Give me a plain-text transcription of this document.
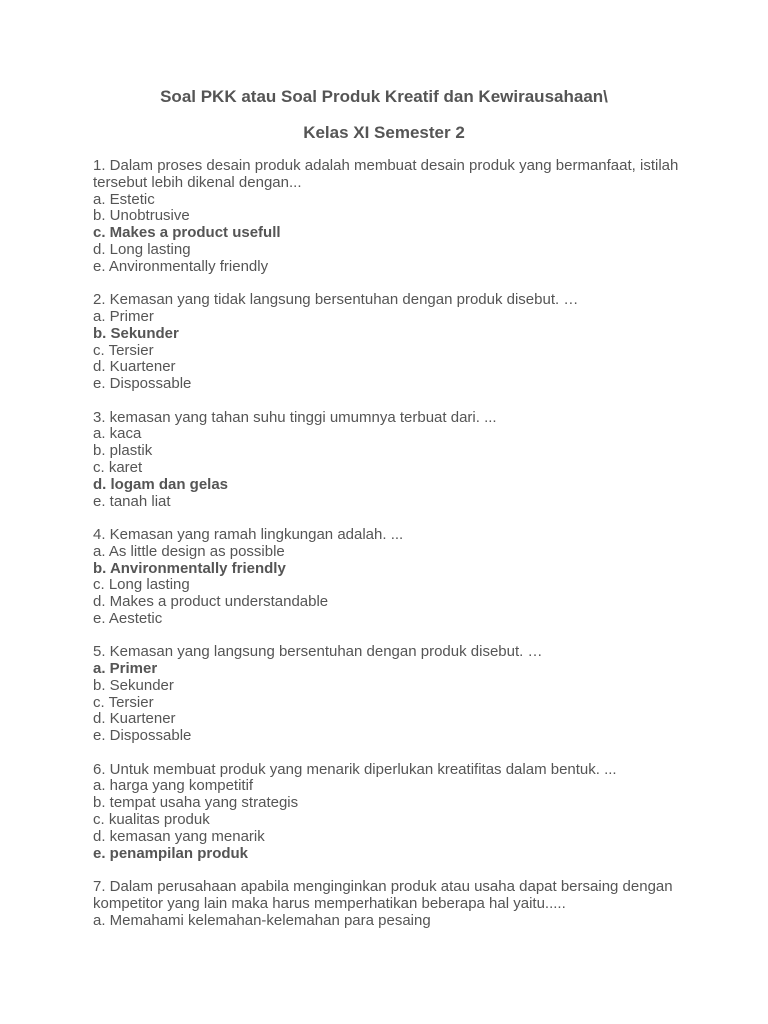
Soal PKK atau Soal Produk Kreatif dan Kewirausahaan\
Kelas XI Semester 2
1. Dalam proses desain produk adalah membuat desain produk yang bermanfaat, istilah tersebut lebih dikenal dengan...
a. Estetic
b. Unobtrusive
c. Makes a product usefull
d. Long lasting
e. Anvironmentally friendly
2. Kemasan yang tidak langsung bersentuhan dengan produk disebut. …
a. Primer
b. Sekunder
c. Tersier
d. Kuartener
e. Dispossable
3. kemasan yang tahan suhu tinggi umumnya terbuat dari. ...
a. kaca
b. plastik
c. karet
d. logam dan gelas
e. tanah liat
4. Kemasan yang ramah lingkungan adalah. ...
a. As little design as possible
b. Anvironmentally friendly
c. Long lasting
d. Makes a product understandable
e. Aestetic
5. Kemasan yang langsung bersentuhan dengan produk disebut. …
a. Primer
b. Sekunder
c. Tersier
d. Kuartener
e. Dispossable
6. Untuk membuat produk yang menarik diperlukan kreatifitas dalam bentuk. ...
a. harga yang kompetitif
b. tempat usaha yang strategis
c. kualitas produk
d. kemasan yang menarik
e. penampilan produk
7. Dalam perusahaan apabila menginginkan produk atau usaha dapat bersaing dengan kompetitor yang lain maka harus memperhatikan beberapa hal yaitu.....
a. Memahami kelemahan-kelemahan para pesaing
